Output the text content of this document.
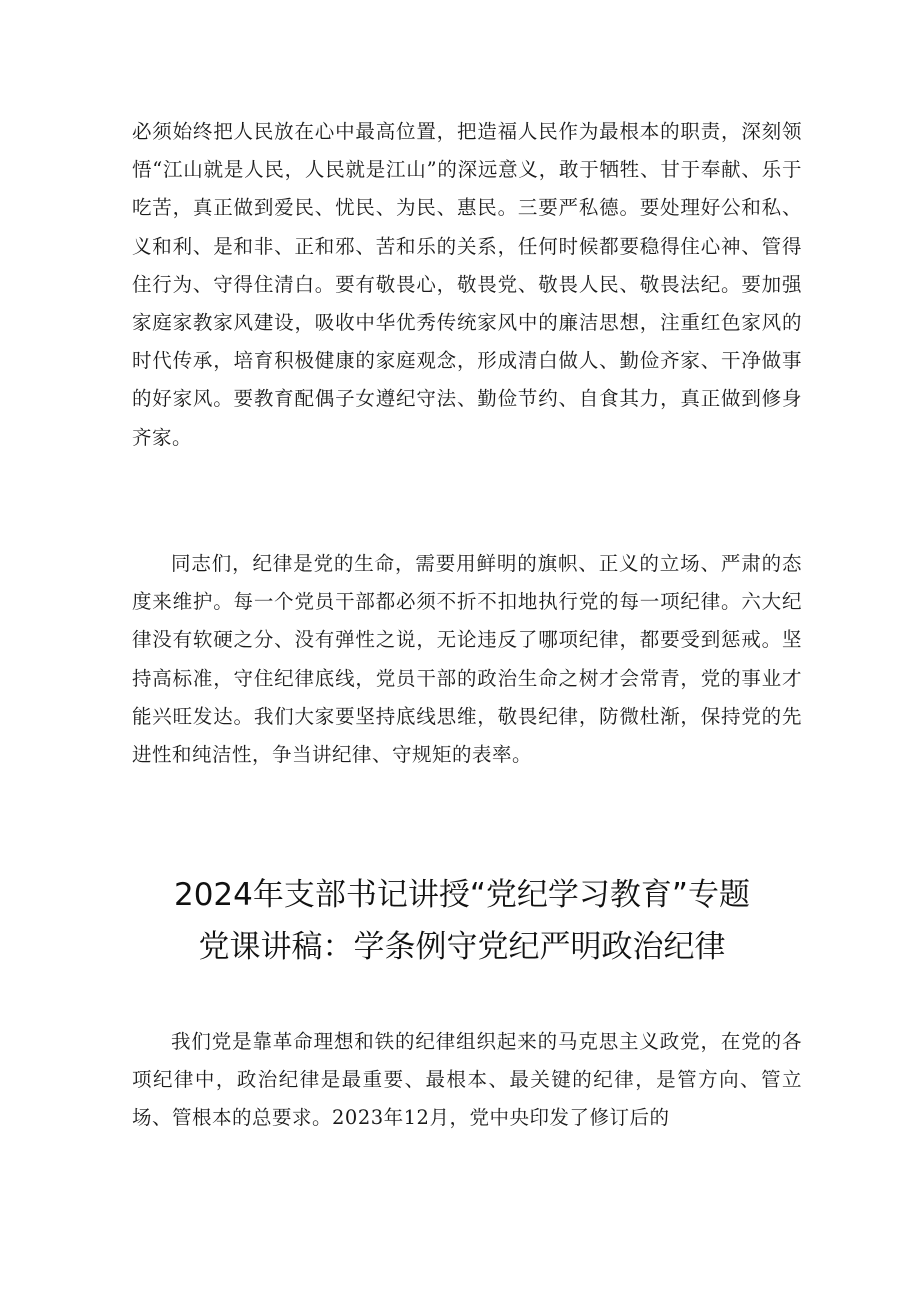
必须始终把人民放在心中最高位置，把造福人民作为最根本的职责，深刻领悟“江山就是人民，人民就是江山”的深远意义，敢于牺牲、甘于奉献、乐于吃苦，真正做到爱民、忧民、为民、惠民。三要严私德。要处理好公和私、义和利、是和非、正和邪、苦和乐的关系，任何时候都要稳得住心神、管得住行为、守得住清白。要有敬畏心，敬畏党、敬畏人民、敬畏法纪。要加强家庭家教家风建设，吸收中华优秀传统家风中的廉洁思想，注重红色家风的时代传承，培育积极健康的家庭观念，形成清白做人、勤俭齐家、干净做事的好家风。要教育配偶子女遵纪守法、勤俭节约、自食其力，真正做到修身齐家。

同志们，纪律是党的生命，需要用鲜明的旗帜、正义的立场、严肃的态度来维护。每一个党员干部都必须不折不扣地执行党的每一项纪律。六大纪律没有软硬之分、没有弹性之说，无论违反了哪项纪律，都要受到惩戒。坚持高标准，守住纪律底线，党员干部的政治生命之树才会常青，党的事业才能兴旺发达。我们大家要坚持底线思维，敬畏纪律，防微杜渐，保持党的先进性和纯洁性，争当讲纪律、守规矩的表率。

2024年支部书记讲授“党纪学习教育”专题
党课讲稿：学条例守党纪严明政治纪律

我们党是靠革命理想和铁的纪律组织起来的马克思主义政党，在党的各项纪律中，政治纪律是最重要、最根本、最关键的纪律，是管方向、管立场、管根本的总要求。2023年12月，党中央印发了修订后的
